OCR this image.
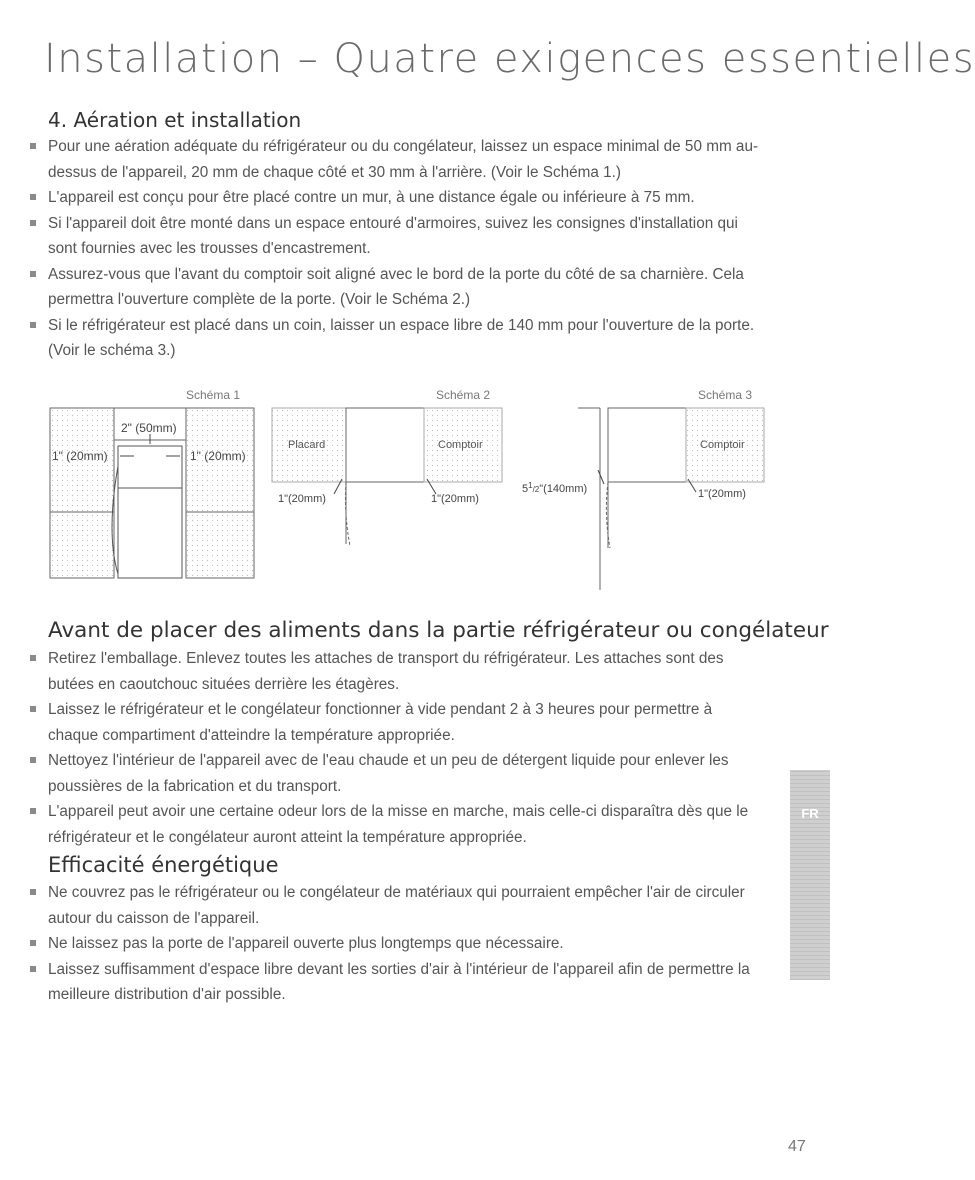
Installation – Quatre exigences essentielles
4. Aération et installation
Pour une aération adéquate du réfrigérateur ou du congélateur, laissez un espace minimal de 50 mm au-dessus de l'appareil, 20 mm de chaque côté et 30 mm à l'arrière. (Voir le Schéma 1.)
L'appareil est conçu pour être placé contre un mur, à une distance égale ou inférieure à 75 mm.
Si l'appareil doit être monté dans un espace entouré d'armoires, suivez les consignes d'installation qui sont fournies avec les trousses d'encastrement.
Assurez-vous que l'avant du comptoir soit aligné avec le bord de la porte du côté de sa charnière. Cela permettra l'ouverture complète de la porte. (Voir le Schéma 2.)
Si le réfrigérateur est placé dans un coin, laisser un espace libre de 140 mm pour l'ouverture de la porte. (Voir le schéma 3.)
Schéma 1
2" (50mm)
1" (20mm)	1" (20mm)
Schéma 2
Placard	Comptoir
1"(20mm)	1"(20mm)
Schéma 3
Comptoir
$5^1_{/2}"(140mm)$	1"(20mm)
Avant de placer des aliments dans la partie réfrigérateur ou congélateur
Retirez l'emballage. Enlevez toutes les attaches de transport du réfrigérateur. Les attaches sont des butées en caoutchouc situées derrière les étagères.
Laissez le réfrigérateur et le congélateur fonctionner à vide pendant 2 à 3 heures pour permettre à chaque compartiment d'atteindre la température appropriée.
Nettoyez l'intérieur de l'appareil avec de l'eau chaude et un peu de détergent liquide pour enlever les poussières de la fabrication et du transport.
L'appareil peut avoir une certaine odeur lors de la misse en marche, mais celle-ci disparaîtra dès que le réfrigérateur et le congélateur auront atteint la température appropriée.
Efficacité énergétique
Ne couvrez pas le réfrigérateur ou le congélateur de matériaux qui pourraient empêcher l'air de circuler autour du caisson de l'appareil.
Ne laissez pas la porte de l'appareil ouverte plus longtemps que nécessaire.
Laissez suffisamment d'espace libre devant les sorties d'air à l'intérieur de l'appareil afin de permettre la meilleure distribution d'air possible.
FR
47
